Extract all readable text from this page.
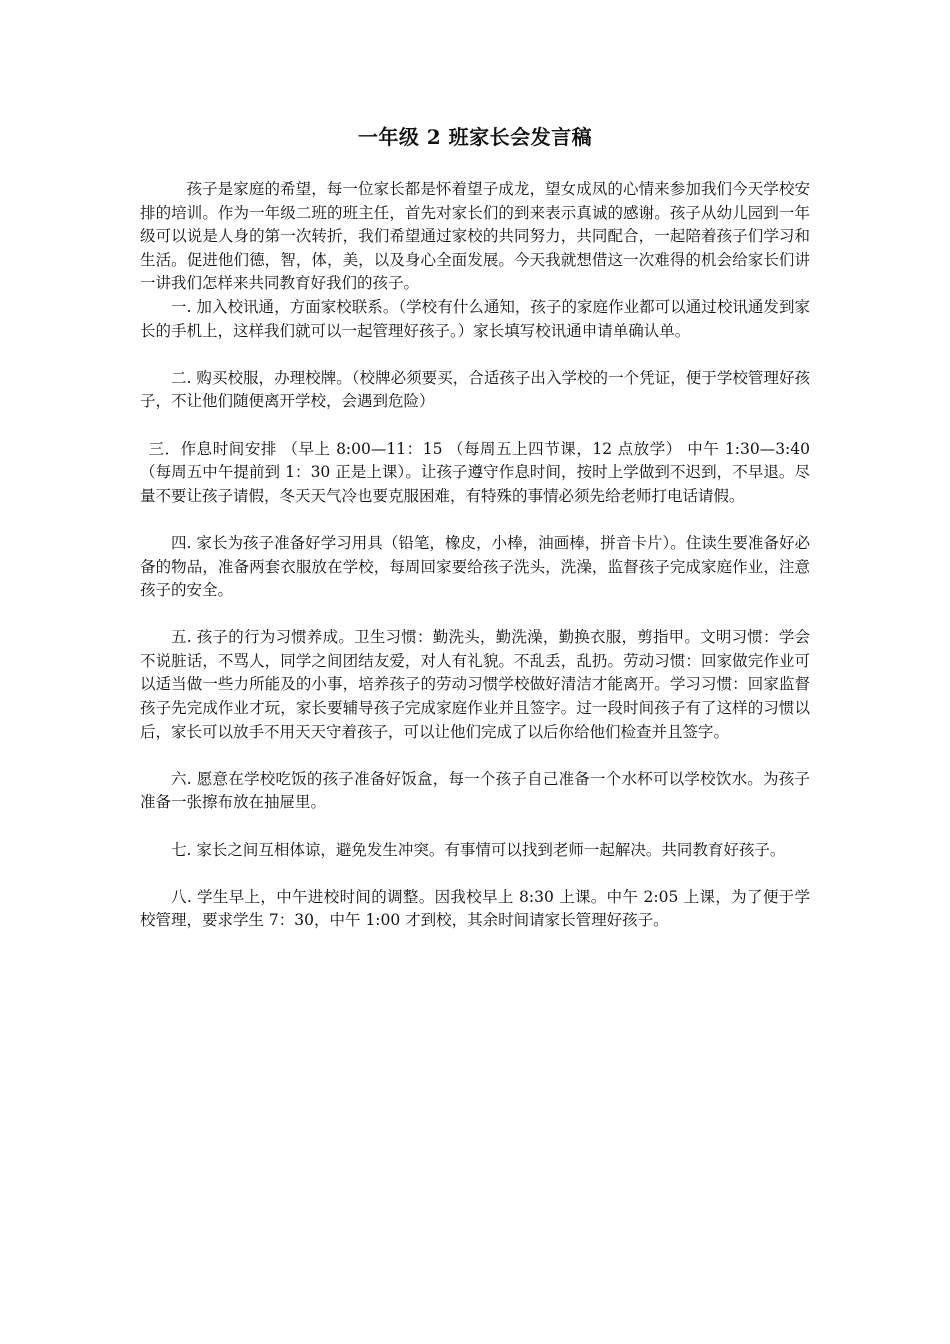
一年级 2 班家长会发言稿

孩子是家庭的希望，每一位家长都是怀着望子成龙，望女成凤的心情来参加我们今天学校安排的培训。作为一年级二班的班主任，首先对家长们的到来表示真诚的感谢。孩子从幼儿园到一年级可以说是人身的第一次转折，我们希望通过家校的共同努力，共同配合，一起陪着孩子们学习和生活。促进他们德，智，体，美，以及身心全面发展。今天我就想借这一次难得的机会给家长们讲一讲我们怎样来共同教育好我们的孩子。

一. 加入校讯通，方面家校联系。（学校有什么通知，孩子的家庭作业都可以通过校讯通发到家长的手机上，这样我们就可以一起管理好孩子。）家长填写校讯通申请单确认单。

二. 购买校服，办理校牌。（校牌必须要买，合适孩子出入学校的一个凭证，便于学校管理好孩子，不让他们随便离开学校，会遇到危险）

三．作息时间安排 （早上 8:00—11：15 （每周五上四节课，12 点放学） 中午 1:30—3:40（每周五中午提前到 1：30 正是上课）。让孩子遵守作息时间，按时上学做到不迟到，不早退。尽量不要让孩子请假，冬天天气冷也要克服困难，有特殊的事情必须先给老师打电话请假。

四. 家长为孩子准备好学习用具（铅笔，橡皮，小棒，油画棒，拼音卡片）。住读生要准备好必备的物品，准备两套衣服放在学校，每周回家要给孩子洗头，洗澡，监督孩子完成家庭作业，注意孩子的安全。

五. 孩子的行为习惯养成。卫生习惯：勤洗头，勤洗澡，勤换衣服，剪指甲。文明习惯：学会不说脏话，不骂人，同学之间团结友爱，对人有礼貌。不乱丢，乱扔。劳动习惯：回家做完作业可以适当做一些力所能及的小事，培养孩子的劳动习惯学校做好清洁才能离开。学习习惯：回家监督孩子先完成作业才玩，家长要辅导孩子完成家庭作业并且签字。过一段时间孩子有了这样的习惯以后，家长可以放手不用天天守着孩子，可以让他们完成了以后你给他们检查并且签字。

六. 愿意在学校吃饭的孩子准备好饭盒，每一个孩子自己准备一个水杯可以学校饮水。为孩子准备一张擦布放在抽屉里。

七. 家长之间互相体谅，避免发生冲突。有事情可以找到老师一起解决。共同教育好孩子。

八. 学生早上，中午进校时间的调整。因我校早上 8:30 上课。中午 2:05 上课，为了便于学校管理，要求学生 7：30，中午 1:00 才到校，其余时间请家长管理好孩子。
